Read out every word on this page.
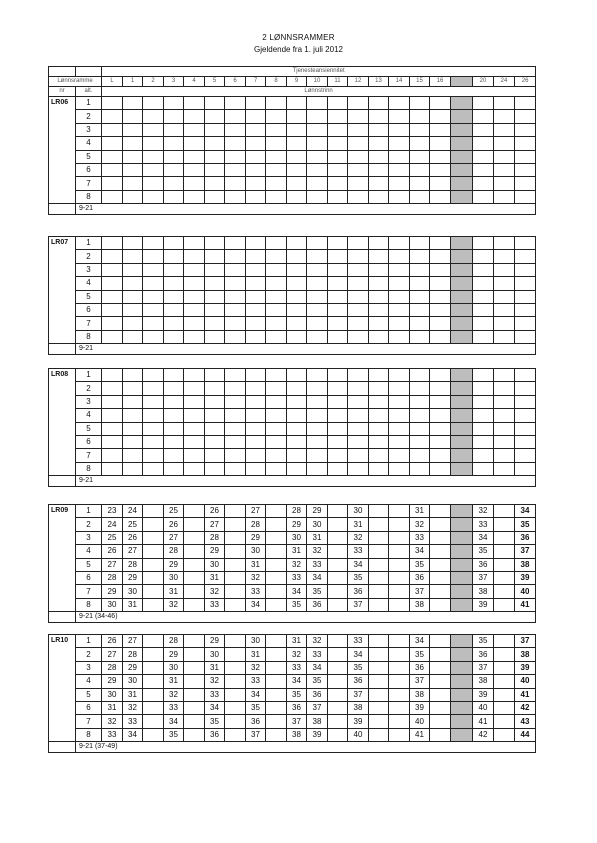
2 LØNNSRAMMER
Gjeldende fra 1. juli 2012
		Tjenesteansiennitet																				
Lønnsramme		L	1	2	3	4	5	6	7	8	9	10	11	12	13	14	15	16		20	24	26
nr	alt.	Lønnstrinn																				
LR06	1																					
	2																					
	3																					
	4																					
	5																					
	6																					
	7																					
	8																					
	9-21																					
LR07	1																					
	2																					
	3																					
	4																					
	5																					
	6																					
	7																					
	8																					
	9-21																					
LR08	1																					
	2																					
	3																					
	4																					
	5																					
	6																					
	7																					
	8																					
	9-21																					
LR09	1	23	24		25		26		27		28	29		30			31			32		34
	2	24	25		26		27		28		29	30		31			32			33		35
	3	25	26		27		28		29		30	31		32			33			34		36
	4	26	27		28		29		30		31	32		33			34			35		37
	5	27	28		29		30		31		32	33		34			35			36		38
	6	28	29		30		31		32		33	34		35			36			37		39
	7	29	30		31		32		33		34	35		36			37			38		40
	8	30	31		32		33		34		35	36		37			38			39		41
	9-21 (34-46)																					
LR10	1	26	27		28		29		30		31	32		33			34			35		37
	2	27	28		29		30		31		32	33		34			35			36		38
	3	28	29		30		31		32		33	34		35			36			37		39
	4	29	30		31		32		33		34	35		36			37			38		40
	5	30	31		32		33		34		35	36		37			38			39		41
	6	31	32		33		34		35		36	37		38			39			40		42
	7	32	33		34		35		36		37	38		39			40			41		43
	8	33	34		35		36		37		38	39		40			41			42		44
	9-21 (37-49)																					
